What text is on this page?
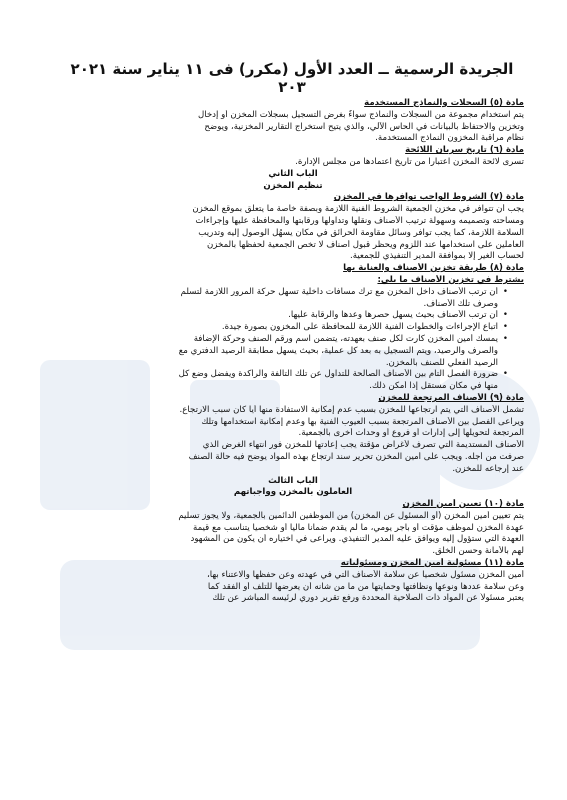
الجريدة الرسمية ــ العدد الأول (مكرر) فى ١١ يناير سنة ٢٠٢١ ٢٠٣
مادة (٥) السجلات والنماذج المستخدمة
يتم استخدام مجموعة من السجلات والنماذج سواءٌ بغرض التسجيل بسجلات المخزن أو إدخال
وتخزين والاحتفاظ بالبيانات في الحاس الآلي، والذي يتيح استخراج التقارير المخزنية، ويوضح
نظام مراقبة المخزون النماذج المستخدمة.
مادة (٦) تاريخ سريان اللائحة
تسرى لائحة المخزن اعتباراً من تاريخ اعتمادها من مجلس الإدارة.
الباب الثاني
تنظيم المخزن
مادة (٧) الشروط الواجب توافرها في المخزن
يجب أن تتوافر في مخزن الجمعية الشروط الفنية اللازمة وبصفة خاصة ما يتعلق بموقع المخزن
ومساحته وتصميمه وسهولة ترتيب الأصناف ونقلها وتداولها ورقابتها والمحافظة عليها وإجراءات
السلامة اللازمة، كما يجب توافر وسائل مقاومة الحرائق في مكان يسهُل الوصول إليه وتدريب
العاملين على استخدامها عند اللزوم ويحظر قبول أصناف لا تخص الجمعية لحفظها بالمخزن
لحساب الغير إلا بموافقة المدير التنفيذي للجمعية.
مادة (٨) طريقة تخزين الأصناف والعناية بها
يشترط في تخزين الأصناف ما يلي:
• أن ترتب الأصناف داخل المخزن مع ترك مسافات داخلية تسهل حركة المرور اللازمة لتسلم
وصرف تلك الأصناف.
• أن ترتب الأصناف بحيث يسهل حصرها وعدها والرقابة عليها.
• اتباع الإجراءات والخطوات الفنية اللازمة للمحافظة على المخزون بصورة جيدة.
• يمسك أمين المخزن كارت لكل صنف بعهدته، يتضمن اسم ورقم الصنف وحركة الإضافة
والصرف والرصيد، ويتم التسجيل به بعد كل عملية، بحيث يسهل مطابقة الرصيد الدفتري مع
الرصيد الفعلي للصنف بالمخزن.
• ضرورة الفصل التام بين الأصناف الصالحة للتداول عن تلك التالفة والراكدة ويفضل وضع كل
منها في مكان مستقل إذا أمكن ذلك.
مادة (٩) الأصناف المرتجعة للمخزن
تشمل الأصناف التي يتم ارتجاعها للمخزن بسبب عدم إمكانية الاستفادة منها أياً كان سبب الارتجاع.
ويراعى الفصل بين الأصناف المرتجعة بسبب العيوب الفنية بها وعدم إمكانية استخدامها وتلك
المرتجعة لتحويلها إلى إدارات أو فروع أو وحدات أخرى بالجمعية.
الأصناف المستديمة التي تصرف لأغراض مؤقتة يجب إعادتها للمخزن فور انتهاء الغرض الذي
صرفت من أجله. ويجب على أمين المخزن تحرير سند ارتجاع بهذه المواد يوضح فيه حالة الصنف
عند إرجاعه للمخزن.
الباب الثالث
العاملون بالمخزن وواجباتهم
مادة (١٠) تعيين أمين المخزن
يتم تعيين أمين المخزن (أو المسئول عن المخزن) من الموظفين الدائمين بالجمعية، ولا يجوز تسليم
عهدة المخزن لموظف مؤقت أو بأجر يومي، ما لم يقدم ضماناً مالياً أو شخصياً يتناسب مع قيمة
العهدة التي ستؤول إليه ويوافق عليه المدير التنفيذي. ويراعى في اختياره أن يكون من المشهود
لهم بالأمانة وحسن الخلق.
مادة (١١) مسئولية أمين المخزن ومسئولياته
أمين المخزن مسئول شخصياً عن سلامة الأصناف التي في عهدته وعن حفظها والاعتناء بها،
وعن سلامة عددها ونوعها ونظافتها وحمايتها من ما من شأنه أن يعرضها للتلف أو الفقد كما
يعتبر مسئولاً عن المواد ذات الصلاحية المحددة ورفع تقرير دوري لرئيسه المباشر عن تلك
